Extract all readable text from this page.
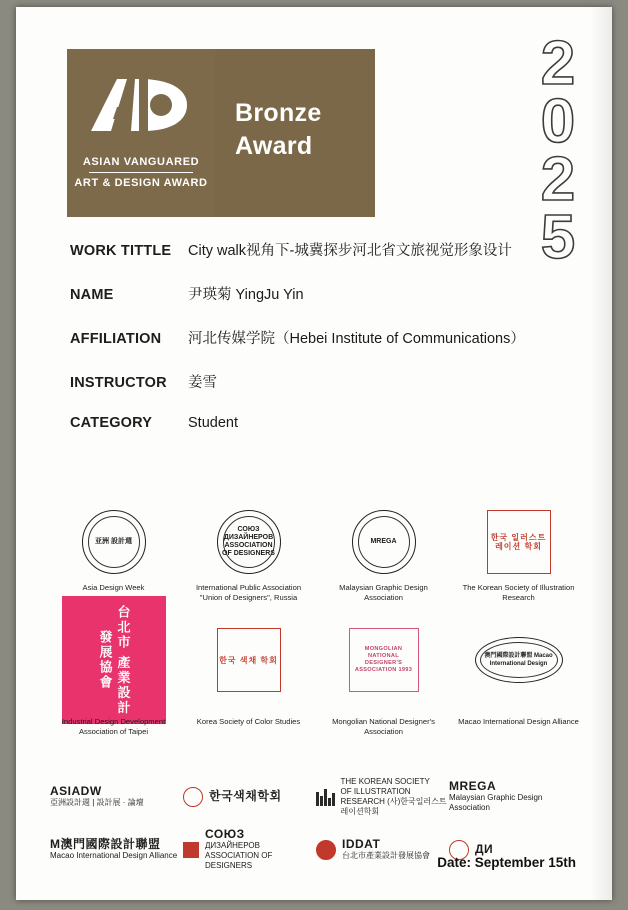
ASIAN VANGUARED
ART & DESIGN AWARD
Bronze
Award
2
0
2
5
WORK TITTLE	City walk视角下-城冀探步河北省文旅视觉形象设计
NAME	尹瑛菊 YingJu Yin
AFFILIATION	河北传媒学院（Hebei Institute of Communications）
INSTRUCTOR	姜雪
CATEGORY	Student
亚洲 設計週
Asia Design Week
СОЮЗ ДИЗАЙНЕРОВ ASSOCIATION OF DESIGNERS
International Public Association "Union of Designers", Russia
MREGA
Malaysian Graphic Design Association
한국 일러스트 레이션 학회
The Korean Society of Illustration Research
台北市 產業設計 發展協會
Industrial Design Development Association of Taipei
한국 색채 학회
Korea Society of Color Studies
MONGOLIAN NATIONAL DESIGNER'S ASSOCIATION 1993
Mongolian National Designer's Association
澳門國際設計聯盟 Macao International Design
Macao International Design Alliance
ASIADW
亞洲設計週 | 設計展 · 論壇	한국색채학회
THE KOREAN SOCIETY
OF ILLUSTRATION RESEARCH (사)한국일러스트레이션학회
MREGA
Malaysian Graphic Design Association
M澳門國際設計聯盟
Macao International Design Alliance
СОЮЗ
ДИЗАЙНЕРОВ ASSOCIATION OF DESIGNERS
IDDAT
台北市產業設計發展協會	ДИ
Date: September 15th
